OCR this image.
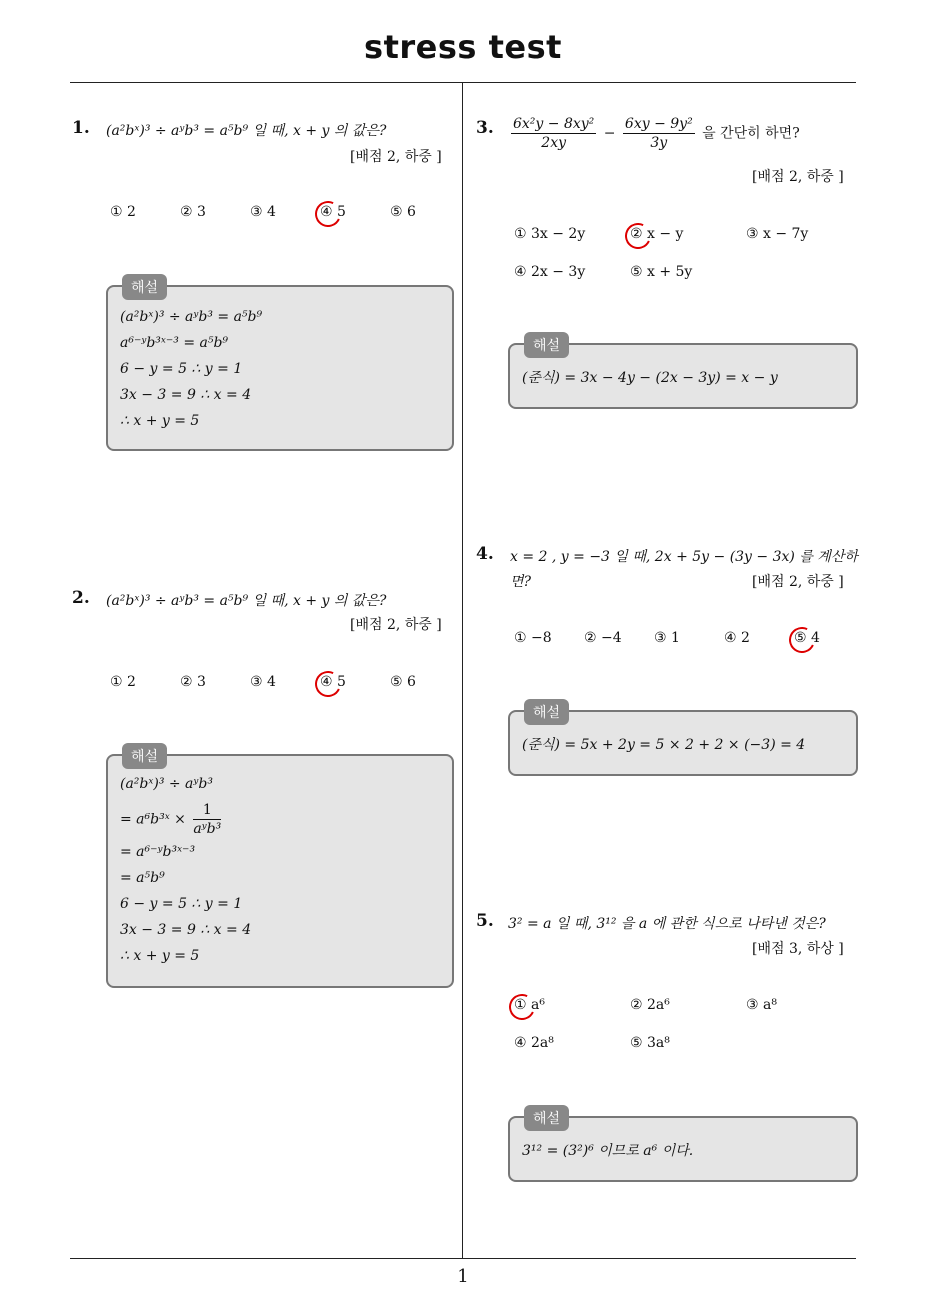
stress test
1
1. (a²bˣ)³ ÷ aʸb³ = a⁵b⁹ 일 때, x + y 의 값은?
[배점 2, 하중 ]
① 2	② 3	③ 4	④ 5	⑤ 6
해설
(a²bˣ)³ ÷ aʸb³ = a⁵b⁹
a⁶⁻ʸb³ˣ⁻³ = a⁵b⁹
6 − y = 5 ∴ y = 1
3x − 3 = 9 ∴ x = 4
∴ x + y = 5
2. (a²bˣ)³ ÷ aʸb³ = a⁵b⁹ 일 때, x + y 의 값은?
[배점 2, 하중 ]
① 2	② 3	③ 4	④ 5	⑤ 6
해설
(a²bˣ)³ ÷ aʸb³
= a⁶b³ˣ × $\frac{1}{\text{aʸb³}}$
= a⁶⁻ʸb³ˣ⁻³
= a⁵b⁹
6 − y = 5 ∴ y = 1
3x − 3 = 9 ∴ x = 4
∴ x + y = 5
3. $\frac{\text{6x²y − 8xy²}}{2xy} - \frac{\text{6xy − 9y²}}{3y}$ 을 간단히 하면?
[배점 2, 하중 ]
① 3x − 2y	② x − y	③ x − 7y
④ 2x − 3y	⑤ x + 5y
해설
(준식) = 3x − 4y − (2x − 3y) = x − y
4. x = 2 , y = −3 일 때, 2x + 5y − (3y − 3x) 를 계산하
면?	[배점 2, 하중 ]
① −8 ② −4 ③ 1	④ 2	⑤ 4
해설
(준식) = 5x + 2y = 5 × 2 + 2 × (−3) = 4
5. 3² = a 일 때, 3¹² 을 a 에 관한 식으로 나타낸 것은?
[배점 3, 하상 ]
① a⁶	② 2a⁶	③ a⁸
④ 2a⁸	⑤ 3a⁸
해설
3¹² = (3²)⁶ 이므로 a⁶ 이다.
